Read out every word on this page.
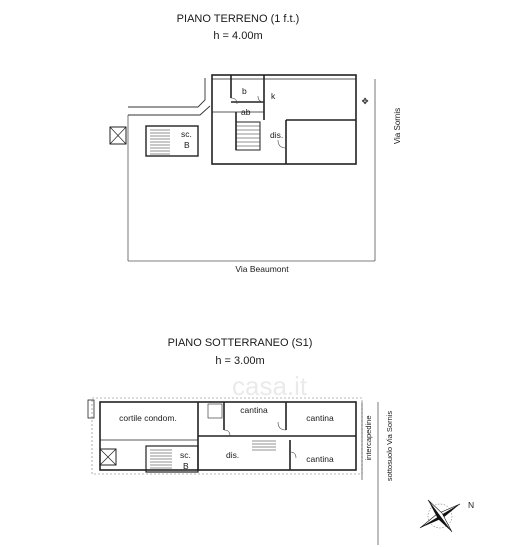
PIANO TERRENO (1 f.t.)
h = 4.00m
sc.
B
b	k
ab
dis.
✥
Via Sornis
Via Beaumont
PIANO SOTTERRANEO (S1)
h = 3.00m
cortile condom.
cantina
cantina
cantina
dis.
sc.
B
intercapedine sottosuolo Via Sornis
casa.it
N
